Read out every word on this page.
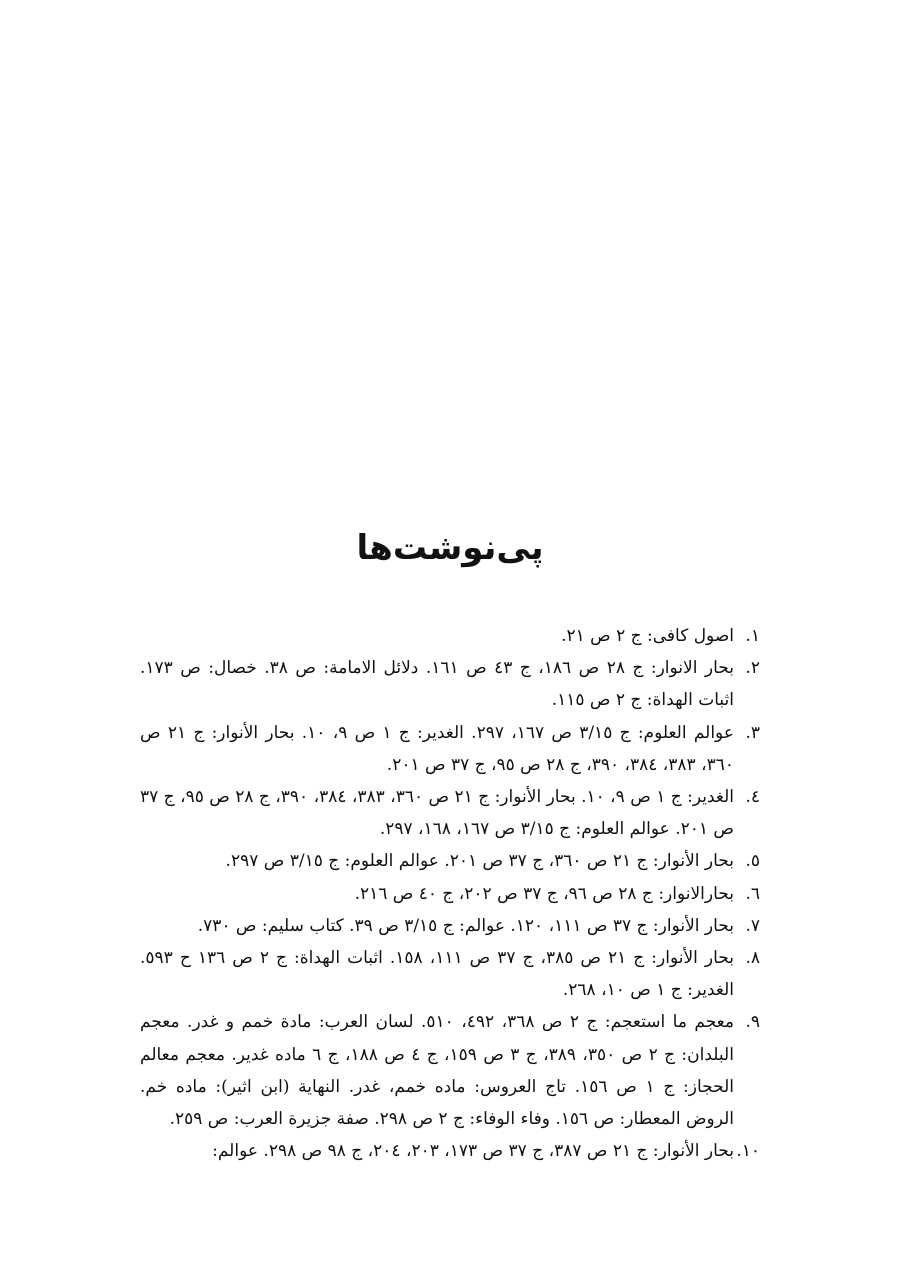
پی‌نوشت‌ها
١.اصول کافی: ج ٢ ص ٢١.
٢.بحار الانوار: ج ٢٨ ص ١٨٦، ج ٤٣ ص ١٦١. دلائل الامامة: ص ٣٨. خصال: ص ١٧٣. اثبات الهداة: ج ٢ ص ١١٥.
٣.عوالم العلوم: ج ٣/١٥ ص ١٦٧، ٢٩٧. الغدیر: ج ١ ص ٩، ١٠. بحار الأنوار: ج ٢١ ص ٣٦٠، ٣٨٣، ٣٨٤، ٣٩٠، ج ٢٨ ص ٩٥، ج ٣٧ ص ٢٠١.
٤.الغدیر: ج ١ ص ٩، ١٠. بحار الأنوار: ج ٢١ ص ٣٦٠، ٣٨٣، ٣٨٤، ٣٩٠، ج ٢٨ ص ٩٥، ج ٣٧ ص ٢٠١. عوالم العلوم: ج ٣/١٥ ص ١٦٧، ١٦٨، ٢٩٧.
٥.بحار الأنوار: ج ٢١ ص ٣٦٠، ج ٣٧ ص ٢٠١. عوالم العلوم: ج ٣/١٥ ص ٢٩٧.
٦.بحارالانوار: ج ٢٨ ص ٩٦، ج ٣٧ ص ٢٠٢، ج ٤٠ ص ٢١٦.
٧.بحار الأنوار: ج ٣٧ ص ١١١، ١٢٠. عوالم: ج ٣/١٥ ص ٣٩. کتاب سلیم: ص ٧٣٠.
٨.بحار الأنوار: ج ٢١ ص ٣٨٥، ج ٣٧ ص ١١١، ١٥٨. اثبات الهداة: ج ٢ ص ١٣٦ ح ٥٩٣. الغدیر: ج ١ ص ١٠، ٢٦٨.
٩.معجم ما استعجم: ج ٢ ص ٣٦٨، ٤٩٢، ٥١٠. لسان العرب: مادة خمم و غدر. معجم البلدان: ج ٢ ص ٣٥٠، ٣٨٩، ج ٣ ص ١٥٩، ج ٤ ص ١٨٨، ج ٦ ماده غدیر. معجم معالم الحجاز: ج ١ ص ١٥٦. تاج العروس: ماده خمم، غدر. النهایة (ابن اثیر): ماده خم. الروض المعطار: ص ١٥٦. وفاء الوفاء: ج ٢ ص ٢٩٨. صفة جزیرة العرب: ص ٢٥٩.
١٠.بحار الأنوار: ج ٢١ ص ٣٨٧، ج ٣٧ ص ١٧٣، ٢٠٣، ٢٠٤، ج ٩٨ ص ٢٩٨. عوالم:
